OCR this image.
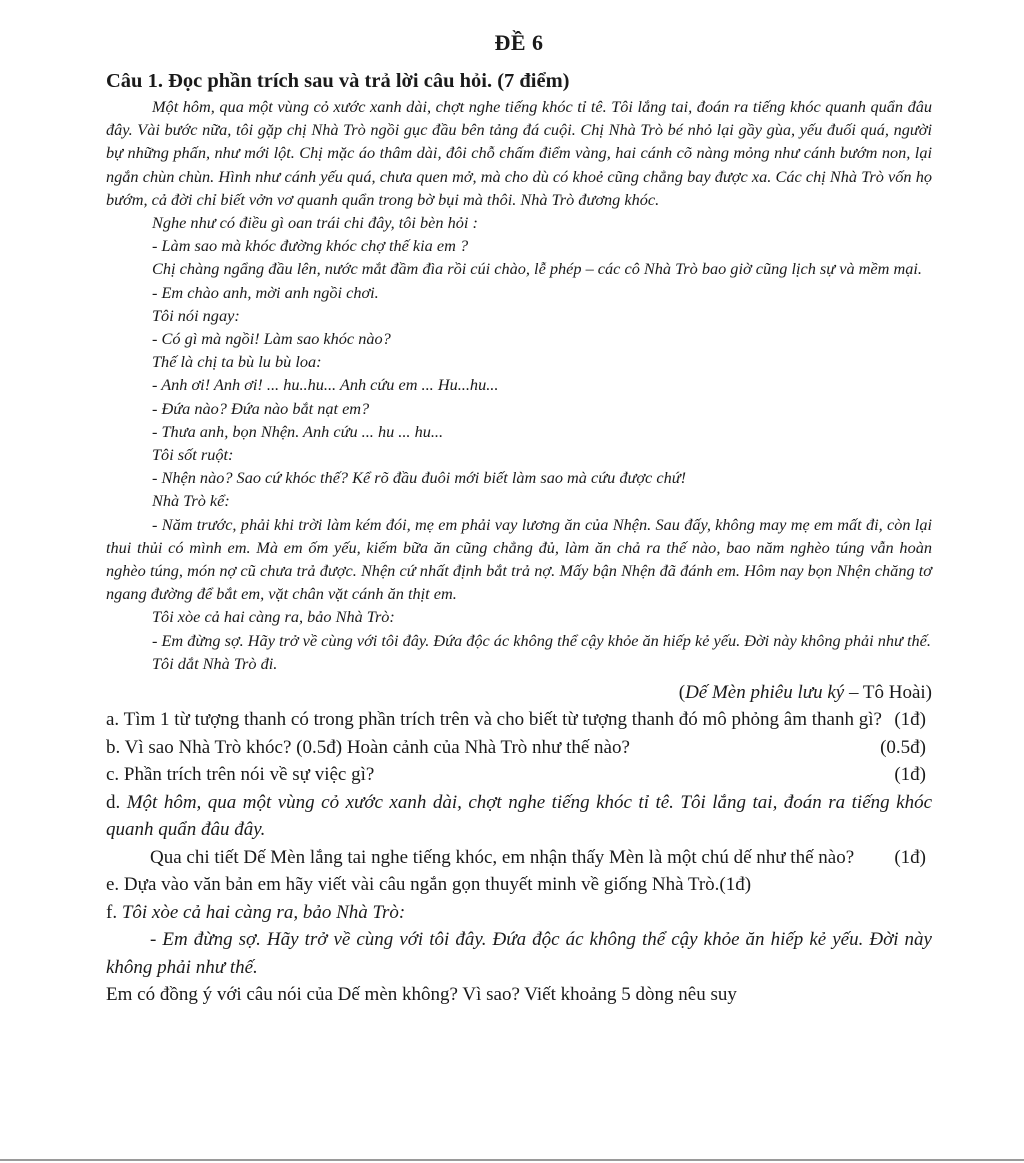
ĐỀ 6
Câu 1. Đọc phần trích sau và trả lời câu hỏi. (7 điểm)

Một hôm, qua một vùng cỏ xước xanh dài, chợt nghe tiếng khóc tỉ tê. Tôi lắng tai, đoán ra tiếng khóc quanh quẩn đâu đây. Vài bước nữa, tôi gặp chị Nhà Trò ngồi gục đầu bên tảng đá cuội. Chị Nhà Trò bé nhỏ lại gầy gùa, yếu đuối quá, người bự những phấn, như mới lột. Chị mặc áo thâm dài, đôi chỗ chấm điểm vàng, hai cánh cõ nàng mỏng như cánh bướm non, lại ngắn chùn chùn. Hình như cánh yếu quá, chưa quen mở, mà cho dù có khoẻ cũng chẳng bay được xa. Các chị Nhà Trò vốn họ bướm, cả đời chỉ biết vởn vơ quanh quẩn trong bờ bụi mà thôi. Nhà Trò đương khóc.

Nghe như có điều gì oan trái chi đây, tôi bèn hỏi :

- Làm sao mà khóc đường khóc chợ thế kia em ?

Chị chàng ngẩng đầu lên, nước mắt đầm đìa rồi cúi chào, lễ phép – các cô Nhà Trò bao giờ cũng lịch sự và mềm mại.

- Em chào anh, mời anh ngồi chơi.

Tôi nói ngay:

- Có gì mà ngồi! Làm sao khóc nào?

Thế là chị ta bù lu bù loa:

- Anh ơi! Anh ơi! ... hu..hu... Anh cứu em ... Hu...hu...

- Đứa nào? Đứa nào bắt nạt em?

- Thưa anh, bọn Nhện. Anh cứu ... hu ... hu...

Tôi sốt ruột:

- Nhện nào? Sao cứ khóc thế? Kể rõ đầu đuôi mới biết làm sao mà cứu được chứ!

Nhà Trò kể:

- Năm trước, phải khi trời làm kém đói, mẹ em phải vay lương ăn của Nhện. Sau đấy, không may mẹ em mất đi, còn lại thui thủi có mình em. Mà em ốm yếu, kiếm bữa ăn cũng chẳng đủ, làm ăn chả ra thế nào, bao năm nghèo túng vẫn hoàn nghèo túng, món nợ cũ chưa trả được. Nhện cứ nhất định bắt trả nợ. Mấy bận Nhện đã đánh em. Hôm nay bọn Nhện chăng tơ ngang đường để bắt em, vặt chân vặt cánh ăn thịt em.

Tôi xòe cả hai càng ra, bảo Nhà Trò:

- Em đừng sợ. Hãy trở về cùng với tôi đây. Đứa độc ác không thể cậy khỏe ăn hiếp kẻ yếu. Đời này không phải như thế.

Tôi dắt Nhà Trò đi.

(Dế Mèn phiêu lưu ký – Tô Hoài)

a. Tìm 1 từ tượng thanh có trong phần trích trên và cho biết từ tượng thanh đó mô phỏng âm thanh gì? (1đ)
b. Vì sao Nhà Trò khóc? (0.5đ) Hoàn cảnh của Nhà Trò như thế nào?	(0.5đ)
c. Phần trích trên nói về sự việc gì?	(1đ)

d. Một hôm, qua một vùng cỏ xước xanh dài, chợt nghe tiếng khóc tỉ tê. Tôi lắng tai, đoán ra tiếng khóc quanh quẩn đâu đây.

Qua chi tiết Dế Mèn lắng tai nghe tiếng khóc, em nhận thấy Mèn là một chú dế như thế nào?	(1đ)

e. Dựa vào văn bản em hãy viết vài câu ngắn gọn thuyết minh về giống Nhà Trò.(1đ)

f. Tôi xòe cả hai càng ra, bảo Nhà Trò:

- Em đừng sợ. Hãy trở về cùng với tôi đây. Đứa độc ác không thể cậy khỏe ăn hiếp kẻ yếu. Đời này không phải như thế.

Em có đồng ý với câu nói của Dế mèn không? Vì sao? Viết khoảng 5 dòng nêu suy
